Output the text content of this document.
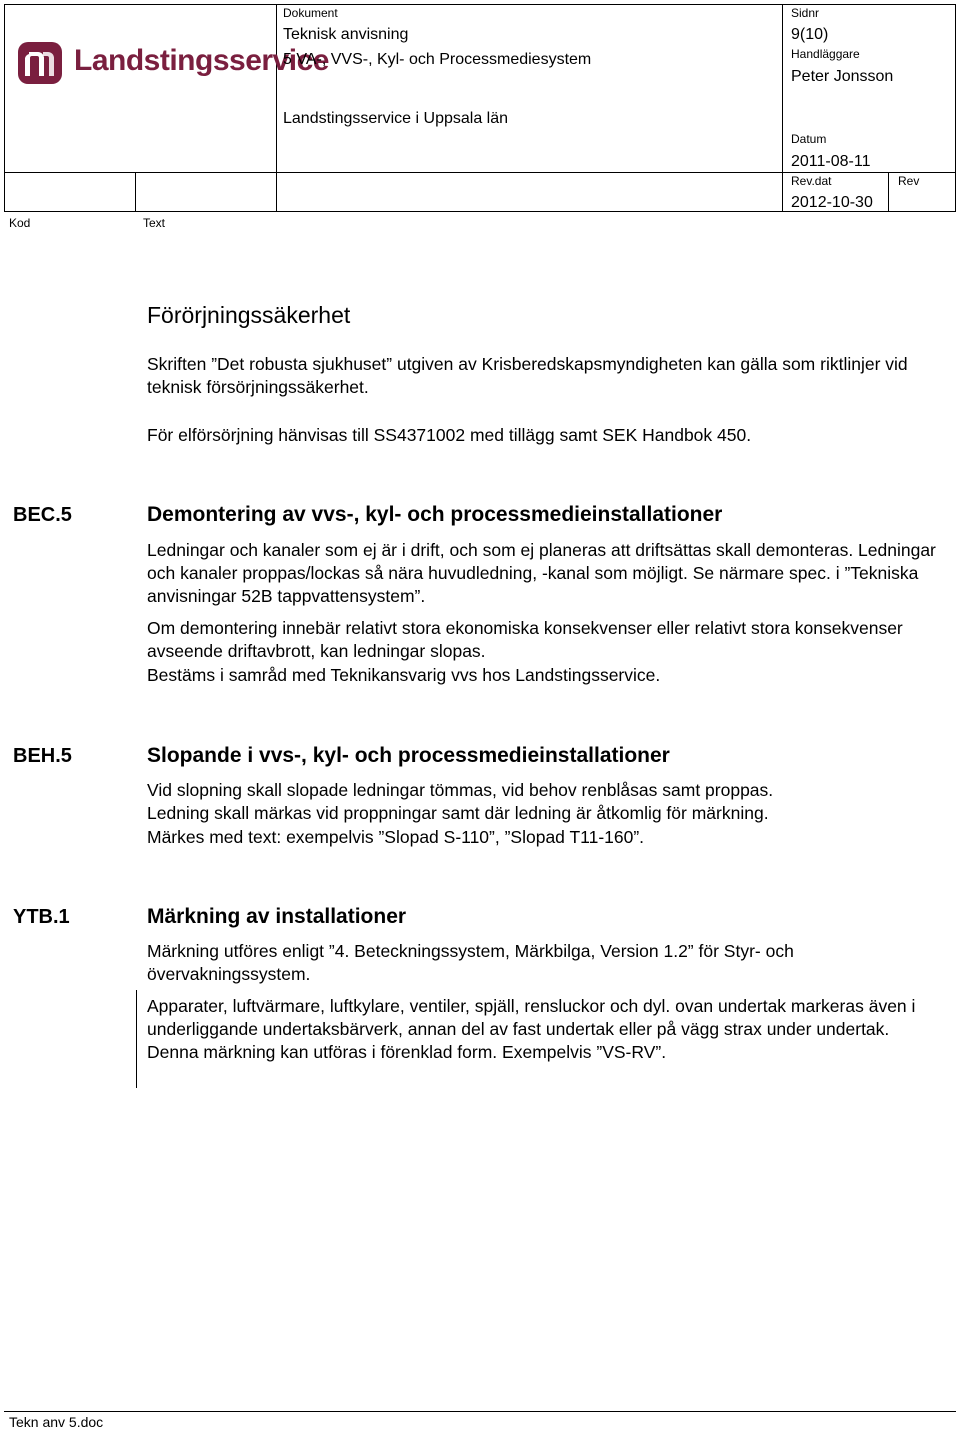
Landstingsservice
Dokument
Teknisk anvisning
5 VA-, VVS-, Kyl- och Processmediesystem
Landstingsservice i Uppsala län
Sidnr
9(10)
Handläggare
Peter Jonsson
Datum
2011-08-11
Rev.dat
2012-10-30
Rev
Kod	Text
Förörjningssäkerhet
Skriften ”Det robusta sjukhuset” utgiven av Krisberedskapsmyndigheten kan gälla som riktlinjer vid teknisk försörjningssäkerhet.
För elförsörjning hänvisas till SS4371002 med tillägg samt SEK Handbok 450.
BEC.5	Demontering av vvs-, kyl- och processmedieinstallationer
Ledningar och kanaler som ej är i drift, och som ej planeras att driftsättas skall demonteras. Ledningar och kanaler proppas/lockas så nära huvudledning, -kanal som möjligt. Se närmare spec. i ”Tekniska anvisningar 52B tappvattensystem”.
Om demontering innebär relativt stora ekonomiska konsekvenser eller relativt stora konsekvenser avseende driftavbrott, kan ledningar slopas.
Bestäms i samråd med Teknikansvarig vvs hos Landstingsservice.
BEH.5	Slopande i vvs-, kyl- och processmedieinstallationer
Vid slopning skall slopade ledningar tömmas, vid behov renblåsas samt proppas.
Ledning skall märkas vid proppningar samt där ledning är åtkomlig för märkning.
Märkes med text: exempelvis ”Slopad S-110”, ”Slopad T11-160”.
YTB.1	Märkning av installationer
Märkning utföres enligt ”4. Beteckningssystem, Märkbilga, Version 1.2” för Styr- och övervakningssystem.
Apparater, luftvärmare, luftkylare, ventiler, spjäll, rensluckor och dyl. ovan undertak markeras även i underliggande undertaksbärverk, annan del av fast undertak eller på vägg strax under undertak. Denna märkning kan utföras i förenklad form. Exempelvis ”VS-RV”.
Tekn anv 5.doc
